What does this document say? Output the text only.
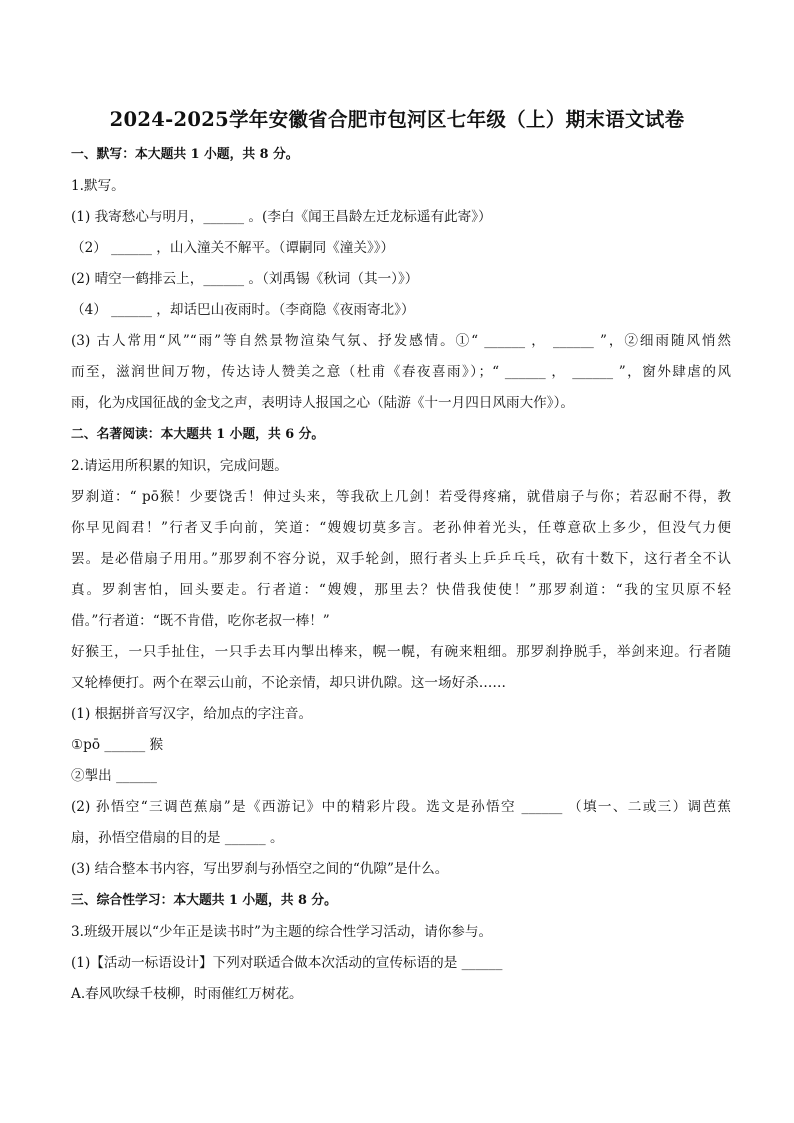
2024-2025学年安徽省合肥市包河区七年级（上）期末语文试卷
一、默写：本大题共 1 小题，共 8 分。
1.默写。
(1) 我寄愁心与明月，______ 。(李白《闻王昌龄左迁龙标遥有此寄》）
（2） ______ ，山入潼关不解平。（谭嗣同《潼关》》）
(2) 晴空一鹤排云上，______ 。（刘禹锡《秋词（其一）》）
（4） ______ ，却话巴山夜雨时。（李商隐《夜雨寄北》）
(3) 古人常用“风”“雨”等自然景物渲染气氛、抒发感情。①“ ______ ， ______ ”，②细雨随风悄然
而至，滋润世间万物，传达诗人赞美之意（杜甫《春夜喜雨》）；“ ______ ， ______ ”，窗外肆虐的风
雨，化为戍国征战的金戈之声，表明诗人报国之心（陆游《十一月四日风雨大作》）。
二、名著阅读：本大题共 1 小题，共 6 分。
2.请运用所积累的知识，完成问题。
罗刹道：“ pō猴！少要饶舌！伸过头来，等我砍上几剑！若受得疼痛，就借扇子与你；若忍耐不得，教
你早见阎君！”行者叉手向前，笑道：“嫂嫂切莫多言。老孙伸着光头，任尊意砍上多少，但没气力便
罢。是必借扇子用用。”那罗刹不容分说，双手轮剑，照行者头上乒乒乓乓，砍有十数下，这行者全不认
真。罗刹害怕，回头要走。行者道：“嫂嫂，那里去？快借我使使！”那罗刹道：“我的宝贝原不轻
借。”行者道：“既不肯借，吃你老叔一棒！”
好猴王，一只手扯住，一只手去耳内掣出棒来，幌一幌，有碗来粗细。那罗刹挣脱手，举剑来迎。行者随
又轮棒便打。两个在翠云山前，不论亲情，却只讲仇隙。这一场好杀……
(1) 根据拼音写汉字，给加点的字注音。
①pō ______ 猴
②掣出 ______
(2) 孙悟空“三调芭蕉扇”是《西游记》中的精彩片段。选文是孙悟空 ______ （填一、二或三）调芭蕉
扇，孙悟空借扇的目的是 ______ 。
(3) 结合整本书内容，写出罗刹与孙悟空之间的“仇隙”是什么。
三、综合性学习：本大题共 1 小题，共 8 分。
3.班级开展以“少年正是读书时”为主题的综合性学习活动，请你参与。
(1)【活动一标语设计】下列对联适合做本次活动的宣传标语的是 ______
A.春风吹绿千枝柳，时雨催红万树花。
